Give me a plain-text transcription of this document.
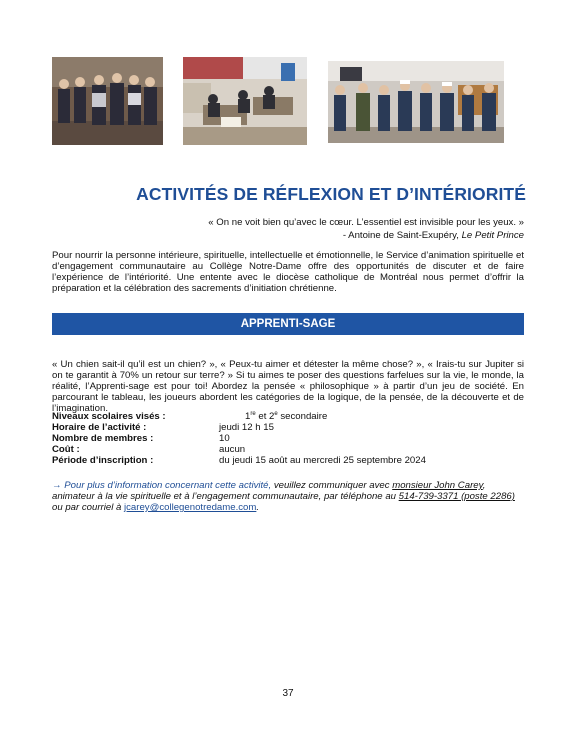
ACTIVITÉS DE RÉFLEXION ET D’INTÉRIORITÉ
« On ne voit bien qu’avec le cœur. L’essentiel est invisible pour les yeux. »
- Antoine de Saint-Exupéry, Le Petit Prince
Pour nourrir la personne intérieure, spirituelle, intellectuelle et émotionnelle, le Service d’animation spirituelle et d’engagement communautaire au Collège Notre-Dame offre des opportunités de discuter et de faire l’expérience de l’intériorité. Une entente avec le diocèse catholique de Montréal nous permet d’offrir la préparation et la célébration des sacrements d’initiation chrétienne.
APPRENTI-SAGE
« Un chien sait-il qu’il est un chien? », « Peux-tu aimer et détester la même chose? », « Irais-tu sur Jupiter si on te garantit à 70% un retour sur terre? » Si tu aimes te poser des questions farfelues sur la vie, le monde, la réalité, l’Apprenti-sage est pour toi! Abordez la pensée « philosophique » à partir d’un jeu de société. En parcourant le tableau, les joueurs abordent les catégories de la logique, de la pensée, de la découverte et de l’imagination.
Niveaux scolaires visés :	1re et 2e secondaire
Horaire de l’activité :	jeudi 12 h 15
Nombre de membres :	10
Coût :	aucun
Période d’inscription :	du jeudi 15 août au mercredi 25 septembre 2024
→ Pour plus d’information concernant cette activité, veuillez communiquer avec monsieur John Carey, animateur à la vie spirituelle et à l’engagement communautaire, par téléphone au 514-739-3371 (poste 2286) ou par courriel à jcarey@collegenotredame.com.
37
